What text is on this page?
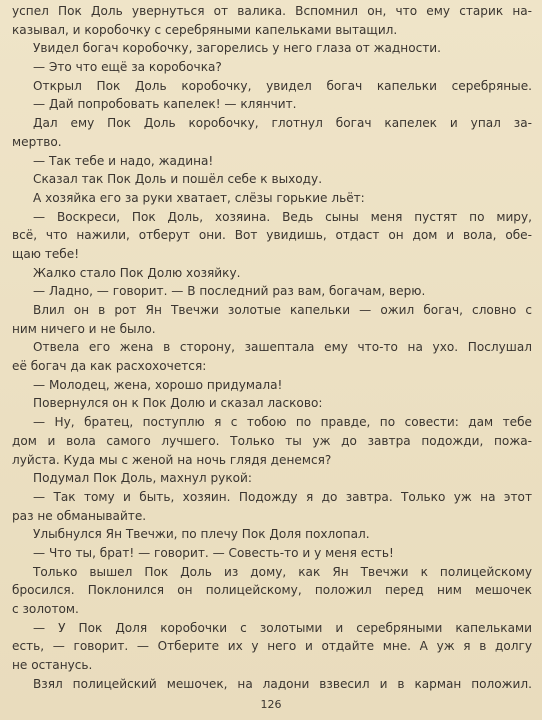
успел Пок Доль увернуться от валика. Вспомнил он, что ему старик на-
казывал, и коробочку с серебряными капельками вытащил.
Увидел богач коробочку, загорелись у него глаза от жадности.
— Это что ещё за коробочка?
Открыл Пок Доль коробочку, увидел богач капельки серебряные.
— Дай попробовать капелек! — клянчит.
Дал ему Пок Доль коробочку, глотнул богач капелек и упал за-
мертво.
— Так тебе и надо, жадина!
Сказал так Пок Доль и пошёл себе к выходу.
А хозяйка его за руки хватает, слёзы горькие льёт:
— Воскреси, Пок Доль, хозяина. Ведь сыны меня пустят по миру,
всё, что нажили, отберут они. Вот увидишь, отдаст он дом и вола, обе-
щаю тебе!
Жалко стало Пок Долю хозяйку.
— Ладно, — говорит. — В последний раз вам, богачам, верю.
Влил он в рот Ян Твечжи золотые капельки — ожил богач, словно с
ним ничего и не было.
Отвела его жена в сторону, зашептала ему что-то на ухо. Послушал
её богач да как расхохочется:
— Молодец, жена, хорошо придумала!
Повернулся он к Пок Долю и сказал ласково:
— Ну, братец, поступлю я с тобою по правде, по совести: дам тебе
дом и вола самого лучшего. Только ты уж до завтра подожди, пожа-
луйста. Куда мы с женой на ночь глядя денемся?
Подумал Пок Доль, махнул рукой:
— Так тому и быть, хозяин. Подожду я до завтра. Только уж на этот
раз не обманывайте.
Улыбнулся Ян Твечжи, по плечу Пок Доля похлопал.
— Что ты, брат! — говорит. — Совесть-то и у меня есть!
Только вышел Пок Доль из дому, как Ян Твечжи к полицейскому
бросился. Поклонился он полицейскому, положил перед ним мешочек
с золотом.
— У Пок Доля коробочки с золотыми и серебряными капельками
есть, — говорит. — Отберите их у него и отдайте мне. А уж я в долгу
не останусь.
Взял полицейский мешочек, на ладони взвесил и в карман положил.
126
